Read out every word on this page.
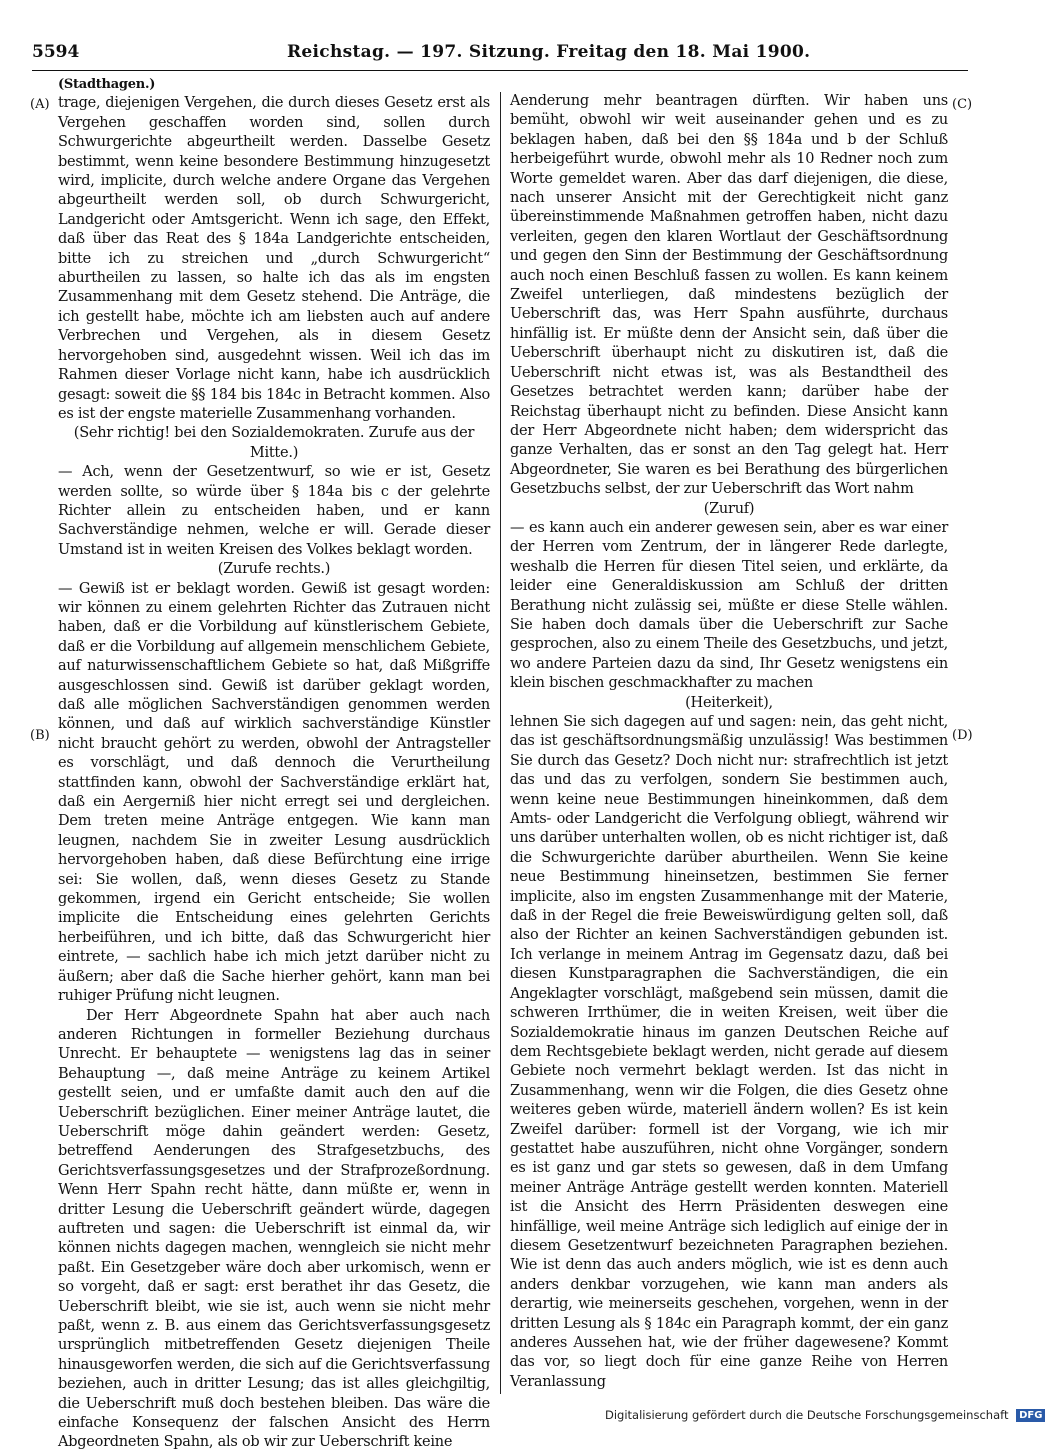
5594	Reichstag. — 197. Sitzung. Freitag den 18. Mai 1900.
(A)	(C)
(B)	(D)

(Stadthagen.)

trage, diejenigen Vergehen, die durch dieses Gesetz erst als Vergehen geschaffen worden sind, sollen durch Schwurgerichte abgeurtheilt werden. Dasselbe Gesetz bestimmt, wenn keine besondere Bestimmung hinzugesetzt wird, implicite, durch welche andere Organe das Vergehen abgeurtheilt werden soll, ob durch Schwurgericht, Landgericht oder Amtsgericht. Wenn ich sage, den Effekt, daß über das Reat des § 184a Landgerichte entscheiden, bitte ich zu streichen und „durch Schwurgericht“ aburtheilen zu lassen, so halte ich das als im engsten Zusammenhang mit dem Gesetz stehend. Die Anträge, die ich gestellt habe, möchte ich am liebsten auch auf andere Verbrechen und Vergehen, als in diesem Gesetz hervorgehoben sind, ausgedehnt wissen. Weil ich das im Rahmen dieser Vorlage nicht kann, habe ich ausdrücklich gesagt: soweit die §§ 184 bis 184c in Betracht kommen. Also es ist der engste materielle Zusammenhang vorhanden.

(Sehr richtig! bei den Sozialdemokraten. Zurufe aus der Mitte.)

— Ach, wenn der Gesetzentwurf, so wie er ist, Gesetz werden sollte, so würde über § 184a bis c der gelehrte Richter allein zu entscheiden haben, und er kann Sachverständige nehmen, welche er will. Gerade dieser Umstand ist in weiten Kreisen des Volkes beklagt worden.

(Zurufe rechts.)

— Gewiß ist er beklagt worden. Gewiß ist gesagt worden: wir können zu einem gelehrten Richter das Zutrauen nicht haben, daß er die Vorbildung auf künstlerischem Gebiete, daß er die Vorbildung auf allgemein menschlichem Gebiete, auf naturwissenschaftlichem Gebiete so hat, daß Mißgriffe ausgeschlossen sind. Gewiß ist darüber geklagt worden, daß alle möglichen Sachverständigen genommen werden können, und daß auf wirklich sachverständige Künstler nicht braucht gehört zu werden, obwohl der Antragsteller es vorschlägt, und daß dennoch die Verurtheilung stattfinden kann, obwohl der Sachverständige erklärt hat, daß ein Aergerniß hier nicht erregt sei und dergleichen. Dem treten meine Anträge entgegen. Wie kann man leugnen, nachdem Sie in zweiter Lesung ausdrücklich hervorgehoben haben, daß diese Befürchtung eine irrige sei: Sie wollen, daß, wenn dieses Gesetz zu Stande gekommen, irgend ein Gericht entscheide; Sie wollen implicite die Entscheidung eines gelehrten Gerichts herbeiführen, und ich bitte, daß das Schwurgericht hier eintrete, — sachlich habe ich mich jetzt darüber nicht zu äußern; aber daß die Sache hierher gehört, kann man bei ruhiger Prüfung nicht leugnen.

Der Herr Abgeordnete Spahn hat aber auch nach anderen Richtungen in formeller Beziehung durchaus Unrecht. Er behauptete — wenigstens lag das in seiner Behauptung —, daß meine Anträge zu keinem Artikel gestellt seien, und er umfaßte damit auch den auf die Ueberschrift bezüglichen. Einer meiner Anträge lautet, die Ueberschrift möge dahin geändert werden: Gesetz, betreffend Aenderungen des Strafgesetzbuchs, des Gerichtsverfassungsgesetzes und der Strafprozeßordnung. Wenn Herr Spahn recht hätte, dann müßte er, wenn in dritter Lesung die Ueberschrift geändert würde, dagegen auftreten und sagen: die Ueberschrift ist einmal da, wir können nichts dagegen machen, wenngleich sie nicht mehr paßt. Ein Gesetzgeber wäre doch aber urkomisch, wenn er so vorgeht, daß er sagt: erst berathet ihr das Gesetz, die Ueberschrift bleibt, wie sie ist, auch wenn sie nicht mehr paßt, wenn z. B. aus einem das Gerichtsverfassungsgesetz ursprünglich mitbetreffenden Gesetz diejenigen Theile hinausgeworfen werden, die sich auf die Gerichtsverfassung beziehen, auch in dritter Lesung; das ist alles gleichgiltig, die Ueberschrift muß doch bestehen bleiben. Das wäre die einfache Konsequenz der falschen Ansicht des Herrn Abgeordneten Spahn, als ob wir zur Ueberschrift keine

Aenderung mehr beantragen dürften. Wir haben uns bemüht, obwohl wir weit auseinander gehen und es zu beklagen haben, daß bei den §§ 184a und b der Schluß herbeigeführt wurde, obwohl mehr als 10 Redner noch zum Worte gemeldet waren. Aber das darf diejenigen, die diese, nach unserer Ansicht mit der Gerechtigkeit nicht ganz übereinstimmende Maßnahmen getroffen haben, nicht dazu verleiten, gegen den klaren Wortlaut der Geschäftsordnung und gegen den Sinn der Bestimmung der Geschäftsordnung auch noch einen Beschluß fassen zu wollen. Es kann keinem Zweifel unterliegen, daß mindestens bezüglich der Ueberschrift das, was Herr Spahn ausführte, durchaus hinfällig ist. Er müßte denn der Ansicht sein, daß über die Ueberschrift überhaupt nicht zu diskutiren ist, daß die Ueberschrift nicht etwas ist, was als Bestandtheil des Gesetzes betrachtet werden kann; darüber habe der Reichstag überhaupt nicht zu befinden. Diese Ansicht kann der Herr Abgeordnete nicht haben; dem widerspricht das ganze Verhalten, das er sonst an den Tag gelegt hat. Herr Abgeordneter, Sie waren es bei Berathung des bürgerlichen Gesetzbuchs selbst, der zur Ueberschrift das Wort nahm

(Zuruf)

— es kann auch ein anderer gewesen sein, aber es war einer der Herren vom Zentrum, der in längerer Rede darlegte, weshalb die Herren für diesen Titel seien, und erklärte, da leider eine Generaldiskussion am Schluß der dritten Berathung nicht zulässig sei, müßte er diese Stelle wählen. Sie haben doch damals über die Ueberschrift zur Sache gesprochen, also zu einem Theile des Gesetzbuchs, und jetzt, wo andere Parteien dazu da sind, Ihr Gesetz wenigstens ein klein bischen geschmackhafter zu machen

(Heiterkeit),

lehnen Sie sich dagegen auf und sagen: nein, das geht nicht, das ist geschäftsordnungsmäßig unzulässig! Was bestimmen Sie durch das Gesetz? Doch nicht nur: strafrechtlich ist jetzt das und das zu verfolgen, sondern Sie bestimmen auch, wenn keine neue Bestimmungen hineinkommen, daß dem Amts- oder Landgericht die Verfolgung obliegt, während wir uns darüber unterhalten wollen, ob es nicht richtiger ist, daß die Schwurgerichte darüber aburtheilen. Wenn Sie keine neue Bestimmung hineinsetzen, bestimmen Sie ferner implicite, also im engsten Zusammenhange mit der Materie, daß in der Regel die freie Beweiswürdigung gelten soll, daß also der Richter an keinen Sachverständigen gebunden ist. Ich verlange in meinem Antrag im Gegensatz dazu, daß bei diesen Kunstparagraphen die Sachverständigen, die ein Angeklagter vorschlägt, maßgebend sein müssen, damit die schweren Irrthümer, die in weiten Kreisen, weit über die Sozialdemokratie hinaus im ganzen Deutschen Reiche auf dem Rechtsgebiete beklagt werden, nicht gerade auf diesem Gebiete noch vermehrt beklagt werden. Ist das nicht in Zusammenhang, wenn wir die Folgen, die dies Gesetz ohne weiteres geben würde, materiell ändern wollen? Es ist kein Zweifel darüber: formell ist der Vorgang, wie ich mir gestattet habe auszuführen, nicht ohne Vorgänger, sondern es ist ganz und gar stets so gewesen, daß in dem Umfang meiner Anträge Anträge gestellt werden konnten. Materiell ist die Ansicht des Herrn Präsidenten deswegen eine hinfällige, weil meine Anträge sich lediglich auf einige der in diesem Gesetzentwurf bezeichneten Paragraphen beziehen. Wie ist denn das auch anders möglich, wie ist es denn auch anders denkbar vorzugehen, wie kann man anders als derartig, wie meinerseits geschehen, vorgehen, wenn in der dritten Lesung als § 184c ein Paragraph kommt, der ein ganz anderes Aussehen hat, wie der früher dagewesene? Kommt das vor, so liegt doch für eine ganze Reihe von Herren Veranlassung

Digitalisierung gefördert durch die Deutsche Forschungsgemeinschaft DFG
